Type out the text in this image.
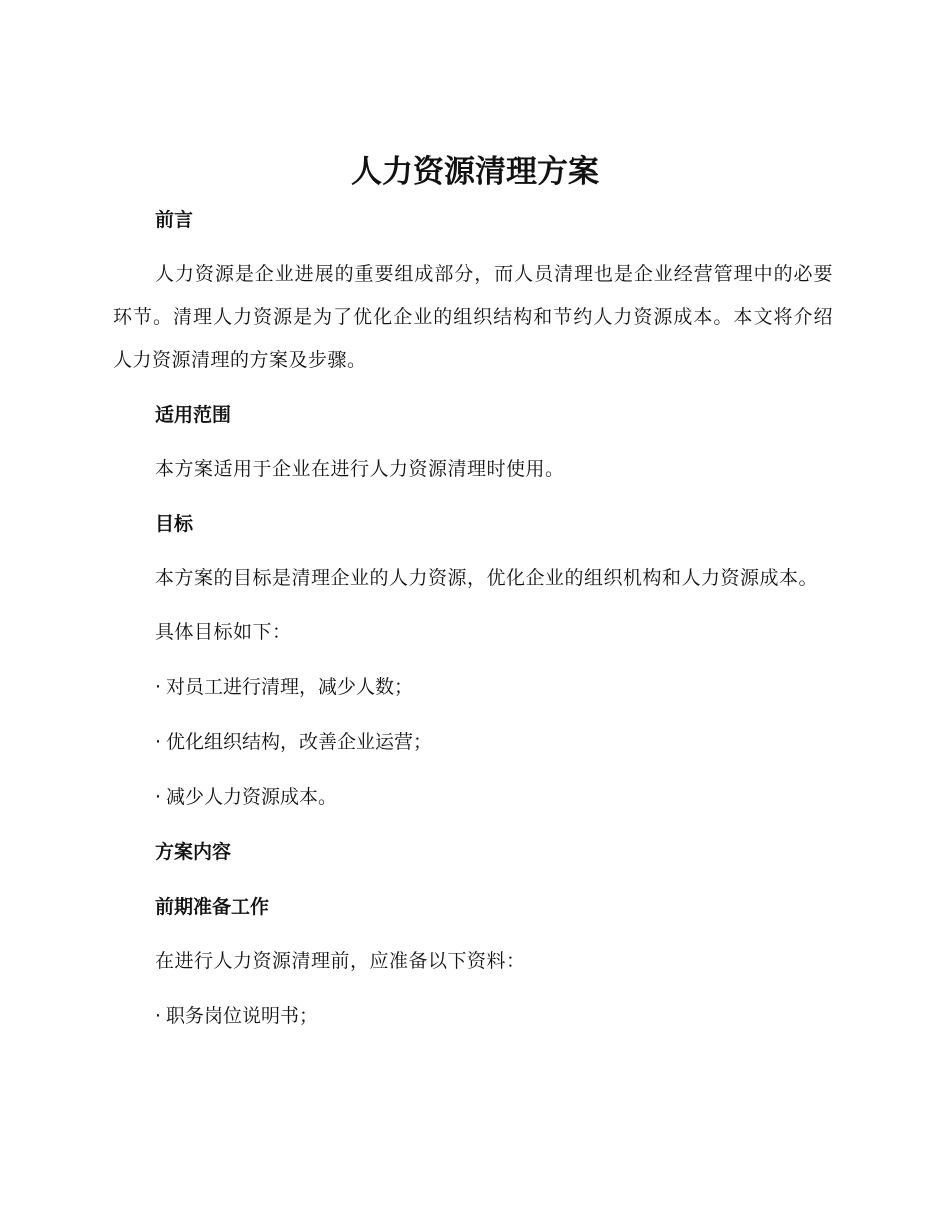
人力资源清理方案
前言

人力资源是企业进展的重要组成部分，而人员清理也是企业经营管理中的必要环节。清理人力资源是为了优化企业的组织结构和节约人力资源成本。本文将介绍人力资源清理的方案及步骤。

适用范围

本方案适用于企业在进行人力资源清理时使用。

目标

本方案的目标是清理企业的人力资源，优化企业的组织机构和人力资源成本。

具体目标如下：

· 对员工进行清理，减少人数；
· 优化组织结构，改善企业运营；
· 减少人力资源成本。
方案内容
前期准备工作

在进行人力资源清理前，应准备以下资料：

· 职务岗位说明书；
